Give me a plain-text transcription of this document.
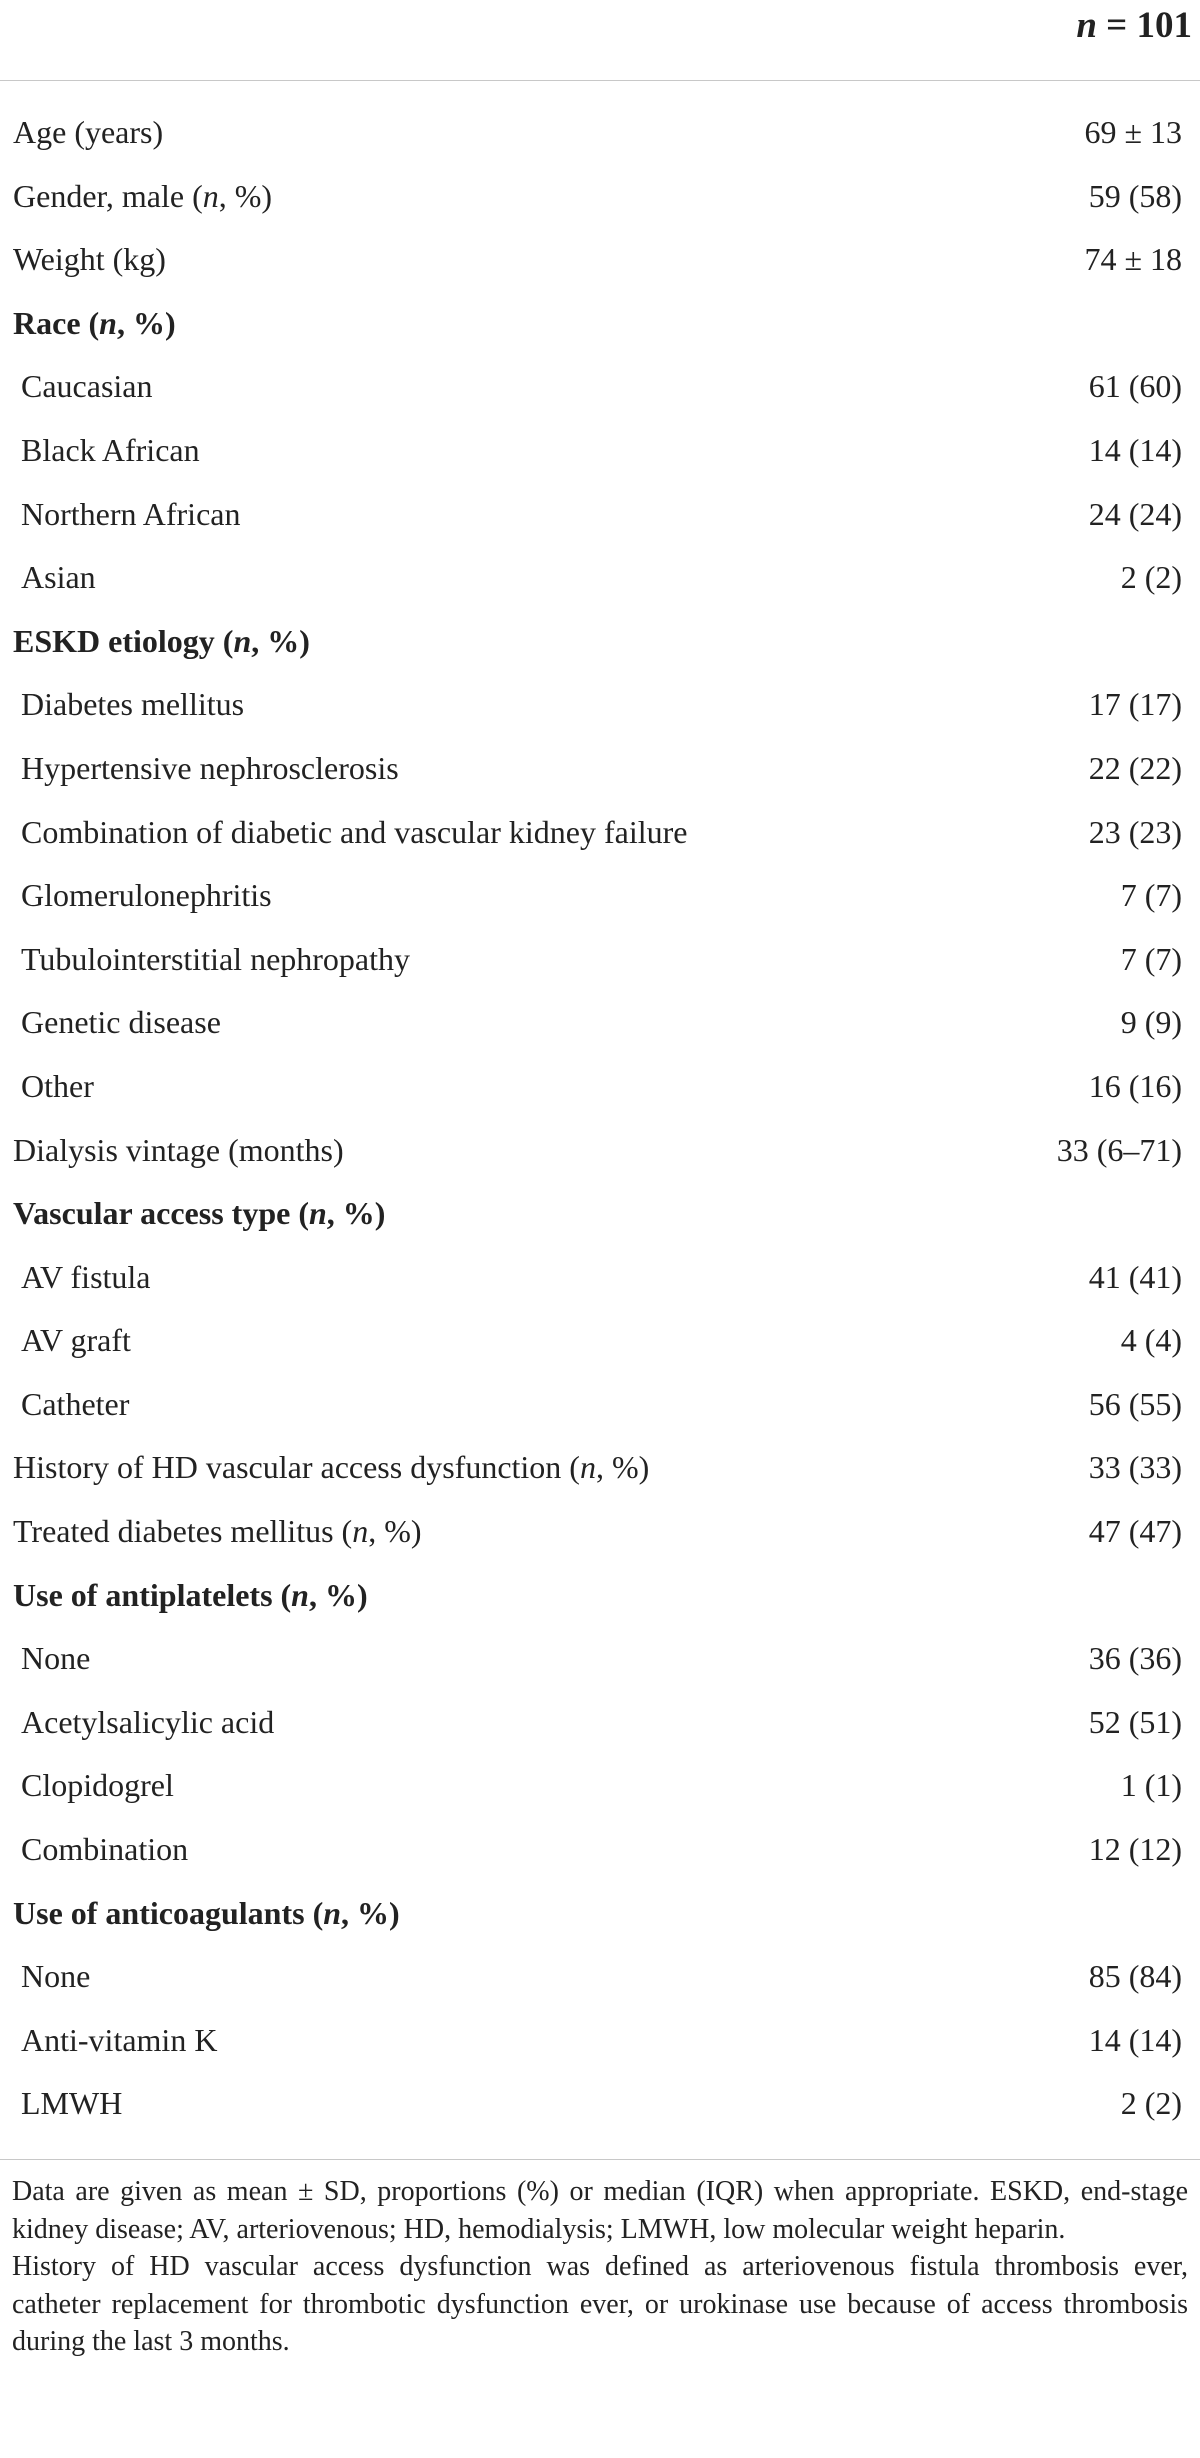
n = 101
Age (years)	69 ± 13
Gender, male (n, %)	59 (58)
Weight (kg)	74 ± 18
Race (n, %)
Caucasian	61 (60)
Black African	14 (14)
Northern African	24 (24)
Asian	2 (2)
ESKD etiology (n, %)
Diabetes mellitus	17 (17)
Hypertensive nephrosclerosis	22 (22)
Combination of diabetic and vascular kidney failure	23 (23)
Glomerulonephritis	7 (7)
Tubulointerstitial nephropathy	7 (7)
Genetic disease	9 (9)
Other	16 (16)
Dialysis vintage (months)	33 (6–71)
Vascular access type (n, %)
AV fistula	41 (41)
AV graft	4 (4)
Catheter	56 (55)
History of HD vascular access dysfunction (n, %)	33 (33)
Treated diabetes mellitus (n, %)	47 (47)
Use of antiplatelets (n, %)
None	36 (36)
Acetylsalicylic acid	52 (51)
Clopidogrel	1 (1)
Combination	12 (12)
Use of anticoagulants (n, %)
None	85 (84)
Anti-vitamin K	14 (14)
LMWH	2 (2)

Data are given as mean ± SD, proportions (%) or median (IQR) when appropriate. ESKD, end-stage kidney disease; AV, arteriovenous; HD, hemodialysis; LMWH, low molecular weight heparin.

History of HD vascular access dysfunction was defined as arteriovenous fistula thrombosis ever, catheter replacement for thrombotic dysfunction ever, or urokinase use because of access thrombosis during the last 3 months.
